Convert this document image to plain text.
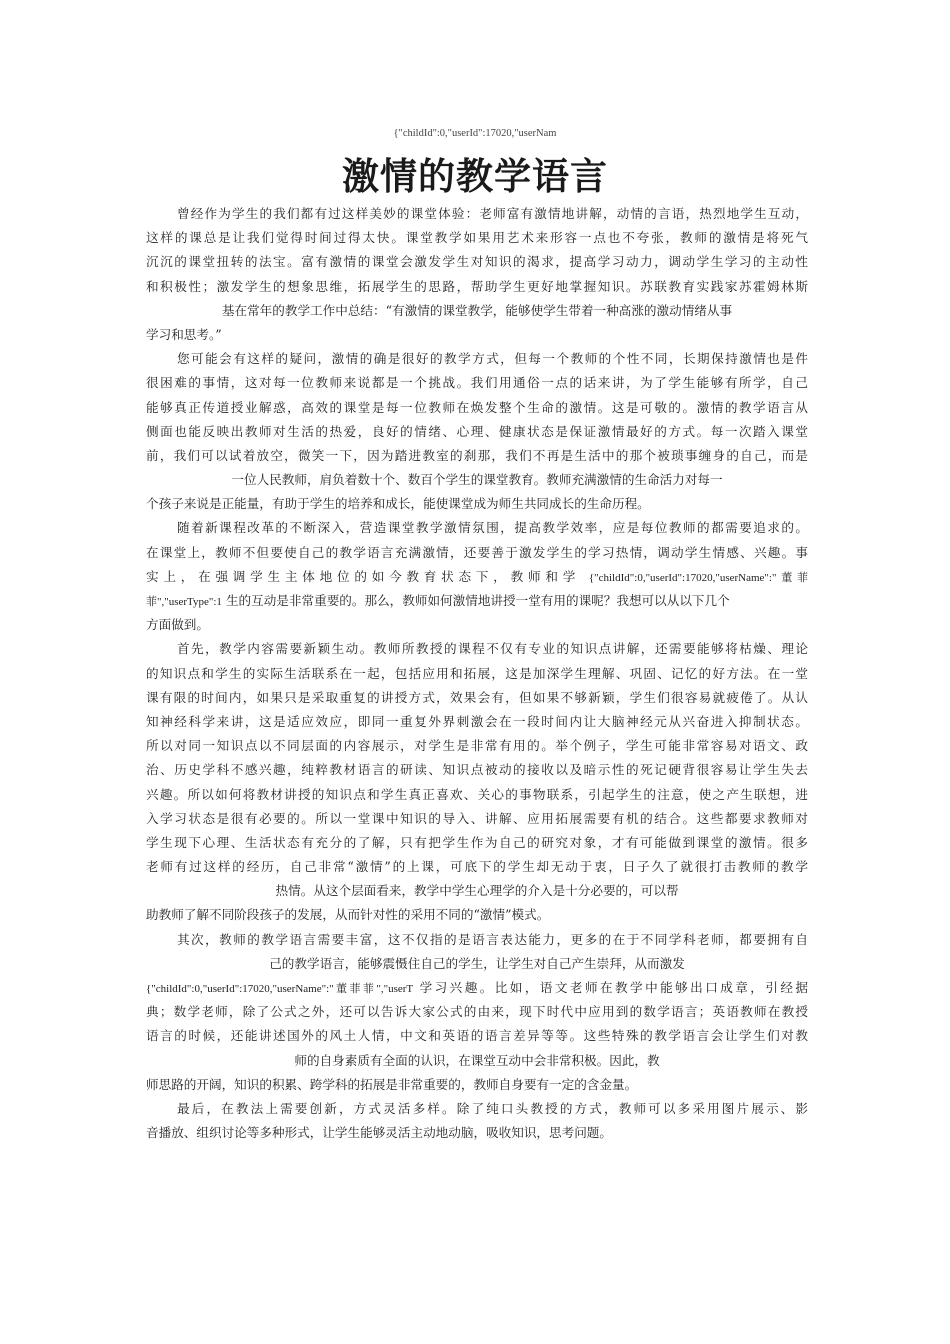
{"childId":0,"userId":17020,"userNam
激情的教学语言
曾经作为学生的我们都有过这样美妙的课堂体验：老师富有激情地讲解，动情的言语，热烈地学生互动，
这样的课总是让我们觉得时间过得太快。课堂教学如果用艺术来形容一点也不夸张，教师的激情是将死气
沉沉的课堂扭转的法宝。富有激情的课堂会激发学生对知识的渴求，提高学习动力，调动学生学习的主动性
和积极性；激发学生的想象思维，拓展学生的思路，帮助学生更好地掌握知识。苏联教育实践家苏霍姆林斯
基在常年的教学工作中总结：“有激情的课堂教学，能够使学生带着一种高涨的激动情绪从事
学习和思考。”
您可能会有这样的疑问，激情的确是很好的教学方式，但每一个教师的个性不同，长期保持激情也是件
很困难的事情，这对每一位教师来说都是一个挑战。我们用通俗一点的话来讲，为了学生能够有所学，自己
能够真正传道授业解惑，高效的课堂是每一位教师在焕发整个生命的激情。这是可敬的。激情的教学语言从
侧面也能反映出教师对生活的热爱，良好的情绪、心理、健康状态是保证激情最好的方式。每一次踏入课堂
前，我们可以试着放空，微笑一下，因为踏进教室的刹那，我们不再是生活中的那个被琐事缠身的自己，而是
一位人民教师，肩负着数十个、数百个学生的课堂教育。教师充满激情的生命活力对每一
个孩子来说是正能量，有助于学生的培养和成长，能使课堂成为师生共同成长的生命历程。
随着新课程改革的不断深入，营造课堂教学激情氛围，提高教学效率，应是每位教师的都需要追求的。
在课堂上，教师不但要使自己的教学语言充满激情，还要善于激发学生的学习热情，调动学生情感、兴趣。事
实上，在强调学生主体地位的如今教育状态下，教师和学 {"childId":0,"userId":17020,"userName":"董菲
菲","userType":1 生的互动是非常重要的。那么，教师如何激情地讲授一堂有用的课呢？我想可以从以下几个
方面做到。
首先，教学内容需要新颖生动。教师所教授的课程不仅有专业的知识点讲解，还需要能够将枯燥、理论
的知识点和学生的实际生活联系在一起，包括应用和拓展，这是加深学生理解、巩固、记忆的好方法。在一堂
课有限的时间内，如果只是采取重复的讲授方式，效果会有，但如果不够新颖，学生们很容易就疲倦了。从认
知神经科学来讲，这是适应效应，即同一重复外界刺激会在一段时间内让大脑神经元从兴奋进入抑制状态。
所以对同一知识点以不同层面的内容展示，对学生是非常有用的。举个例子，学生可能非常容易对语文、政
治、历史学科不感兴趣，纯粹教材语言的研读、知识点被动的接收以及暗示性的死记硬背很容易让学生失去
兴趣。所以如何将教材讲授的知识点和学生真正喜欢、关心的事物联系，引起学生的注意，使之产生联想，进
入学习状态是很有必要的。所以一堂课中知识的导入、讲解、应用拓展需要有机的结合。这些都要求教师对
学生现下心理、生活状态有充分的了解，只有把学生作为自己的研究对象，才有可能做到课堂的激情。很多
老师有过这样的经历，自己非常“激情”的上课，可底下的学生却无动于衷，日子久了就很打击教师的教学
热情。从这个层面看来，教学中学生心理学的介入是十分必要的，可以帮
助教师了解不同阶段孩子的发展，从而针对性的采用不同的“激情”模式。
其次，教师的教学语言需要丰富，这不仅指的是语言表达能力，更多的在于不同学科老师，都要拥有自
己的教学语言，能够震慑住自己的学生，让学生对自己产生崇拜，从而激发
{"childId":0,"userId":17020,"userName":"董菲菲","userT 学习兴趣。比如，语文老师在教学中能够出口成章，引经据
典；数学老师，除了公式之外，还可以告诉大家公式的由来，现下时代中应用到的数学语言；英语教师在教授
语言的时候，还能讲述国外的风土人情，中文和英语的语言差异等等。这些特殊的教学语言会让学生们对教
师的自身素质有全面的认识，在课堂互动中会非常积极。因此，教
师思路的开阔，知识的积累、跨学科的拓展是非常重要的，教师自身要有一定的含金量。
最后，在教法上需要创新，方式灵活多样。除了纯口头教授的方式，教师可以多采用图片展示、影
音播放、组织讨论等多种形式，让学生能够灵活主动地动脑，吸收知识，思考问题。
